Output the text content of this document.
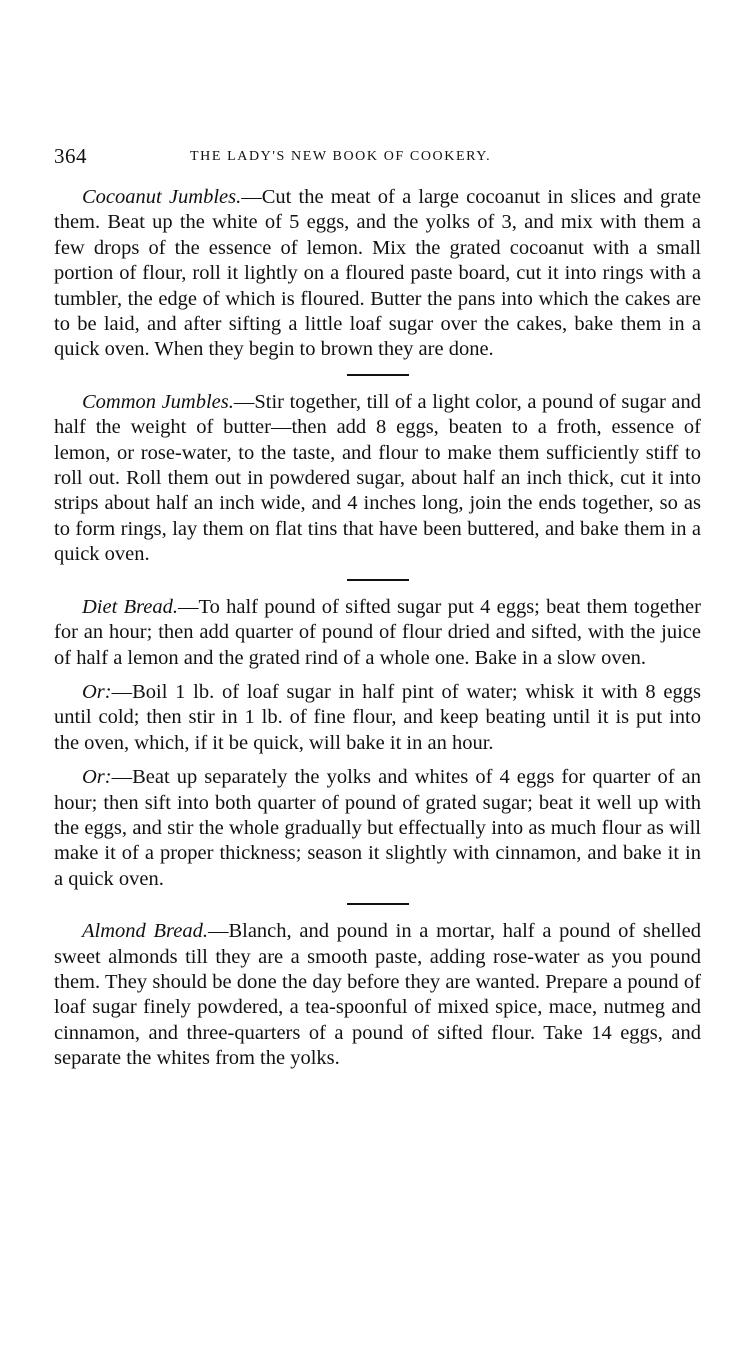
364	THE LADY'S NEW BOOK OF COOKERY.

Cocoanut Jumbles.—Cut the meat of a large cocoanut in slices and grate them. Beat up the white of 5 eggs, and the yolks of 3, and mix with them a few drops of the essence of lemon. Mix the grated cocoanut with a small portion of flour, roll it lightly on a floured paste board, cut it into rings with a tumbler, the edge of which is floured. Butter the pans into which the cakes are to be laid, and after sifting a little loaf sugar over the cakes, bake them in a quick oven. When they begin to brown they are done.

Common Jumbles.—Stir together, till of a light color, a pound of sugar and half the weight of butter—then add 8 eggs, beaten to a froth, essence of lemon, or rose-water, to the taste, and flour to make them sufficiently stiff to roll out. Roll them out in powdered sugar, about half an inch thick, cut it into strips about half an inch wide, and 4 inches long, join the ends together, so as to form rings, lay them on flat tins that have been buttered, and bake them in a quick oven.

Diet Bread.—To half pound of sifted sugar put 4 eggs; beat them together for an hour; then add quarter of pound of flour dried and sifted, with the juice of half a lemon and the grated rind of a whole one. Bake in a slow oven.

Or:—Boil 1 lb. of loaf sugar in half pint of water; whisk it with 8 eggs until cold; then stir in 1 lb. of fine flour, and keep beating until it is put into the oven, which, if it be quick, will bake it in an hour.

Or:—Beat up separately the yolks and whites of 4 eggs for quarter of an hour; then sift into both quarter of pound of grated sugar; beat it well up with the eggs, and stir the whole gradually but effectually into as much flour as will make it of a proper thickness; season it slightly with cinnamon, and bake it in a quick oven.

Almond Bread.—Blanch, and pound in a mortar, half a pound of shelled sweet almonds till they are a smooth paste, adding rose-water as you pound them. They should be done the day before they are wanted. Prepare a pound of loaf sugar finely powdered, a tea-spoonful of mixed spice, mace, nutmeg and cinnamon, and three-quarters of a pound of sifted flour. Take 14 eggs, and separate the whites from the yolks.
